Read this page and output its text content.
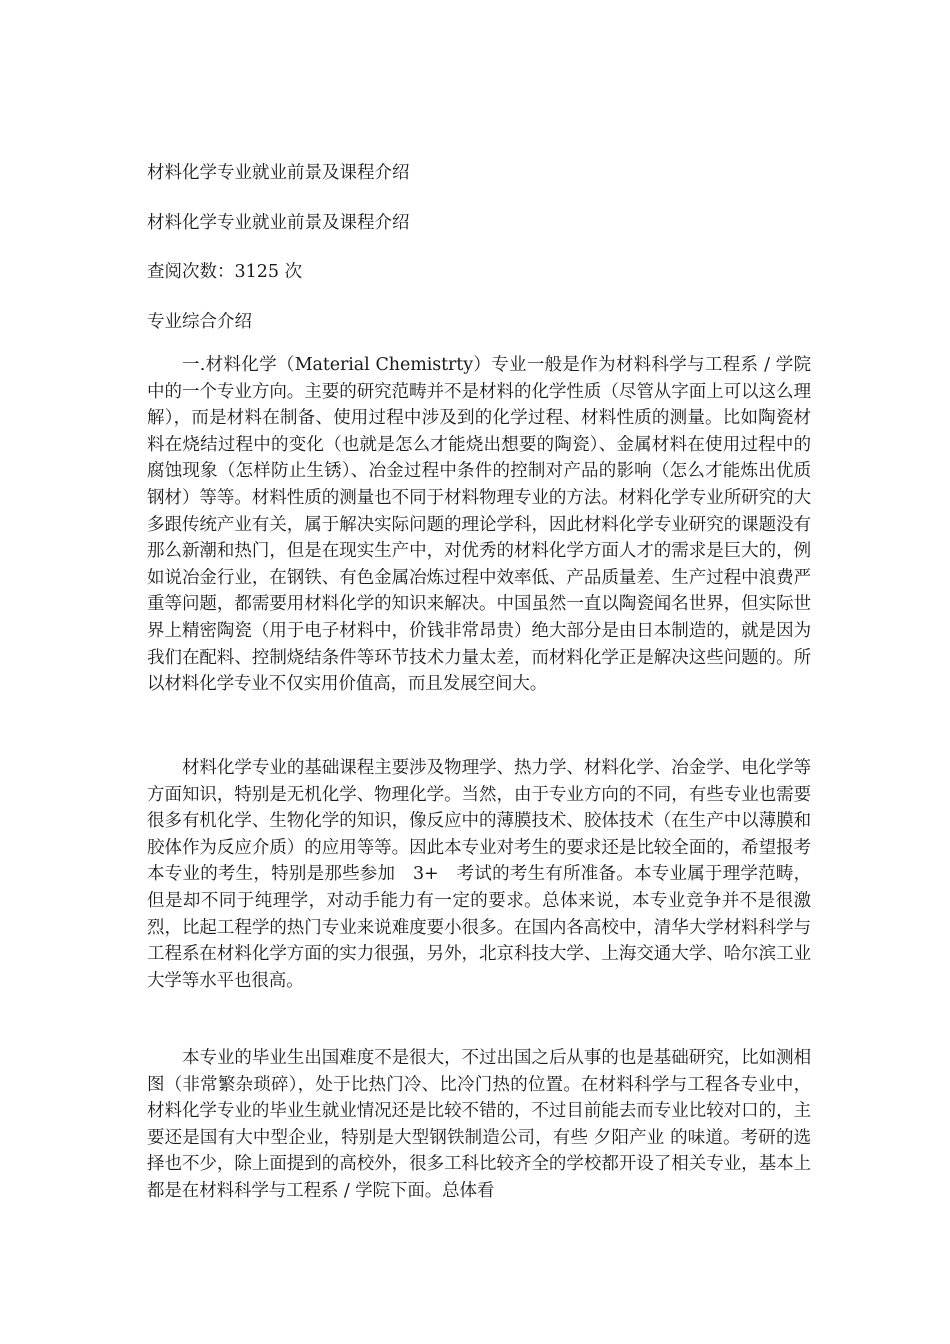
材料化学专业就业前景及课程介绍
材料化学专业就业前景及课程介绍
查阅次数：3125 次
专业综合介绍

一.材料化学（Material Chemistrty）专业一般是作为材料科学与工程系 / 学院中的一个专业方向。主要的研究范畴并不是材料的化学性质（尽管从字面上可以这么理解），而是材料在制备、使用过程中涉及到的化学过程、材料性质的测量。比如陶瓷材料在烧结过程中的变化（也就是怎么才能烧出想要的陶瓷）、金属材料在使用过程中的腐蚀现象（怎样防止生锈）、冶金过程中条件的控制对产品的影响（怎么才能炼出优质钢材）等等。材料性质的测量也不同于材料物理专业的方法。材料化学专业所研究的大多跟传统产业有关，属于解决实际问题的理论学科，因此材料化学专业研究的课题没有那么新潮和热门，但是在现实生产中，对优秀的材料化学方面人才的需求是巨大的，例如说冶金行业，在钢铁、有色金属冶炼过程中效率低、产品质量差、生产过程中浪费严重等问题，都需要用材料化学的知识来解决。中国虽然一直以陶瓷闻名世界，但实际世界上精密陶瓷（用于电子材料中，价钱非常昂贵）绝大部分是由日本制造的，就是因为我们在配料、控制烧结条件等环节技术力量太差，而材料化学正是解决这些问题的。所以材料化学专业不仅实用价值高，而且发展空间大。

材料化学专业的基础课程主要涉及物理学、热力学、材料化学、冶金学、电化学等方面知识，特别是无机化学、物理化学。当然，由于专业方向的不同，有些专业也需要很多有机化学、生物化学的知识，像反应中的薄膜技术、胶体技术（在生产中以薄膜和胶体作为反应介质）的应用等等。因此本专业对考生的要求还是比较全面的，希望报考本专业的考生，特别是那些参加　3+　考试的考生有所准备。本专业属于理学范畴，但是却不同于纯理学，对动手能力有一定的要求。总体来说，本专业竞争并不是很激烈，比起工程学的热门专业来说难度要小很多。在国内各高校中，清华大学材料科学与工程系在材料化学方面的实力很强，另外，北京科技大学、上海交通大学、哈尔滨工业大学等水平也很高。

本专业的毕业生出国难度不是很大，不过出国之后从事的也是基础研究，比如测相图（非常繁杂琐碎），处于比热门冷、比冷门热的位置。在材料科学与工程各专业中，材料化学专业的毕业生就业情况还是比较不错的，不过目前能去而专业比较对口的，主要还是国有大中型企业，特别是大型钢铁制造公司，有些 夕阳产业 的味道。考研的选择也不少，除上面提到的高校外，很多工科比较齐全的学校都开设了相关专业，基本上都是在材料科学与工程系 / 学院下面。总体看
